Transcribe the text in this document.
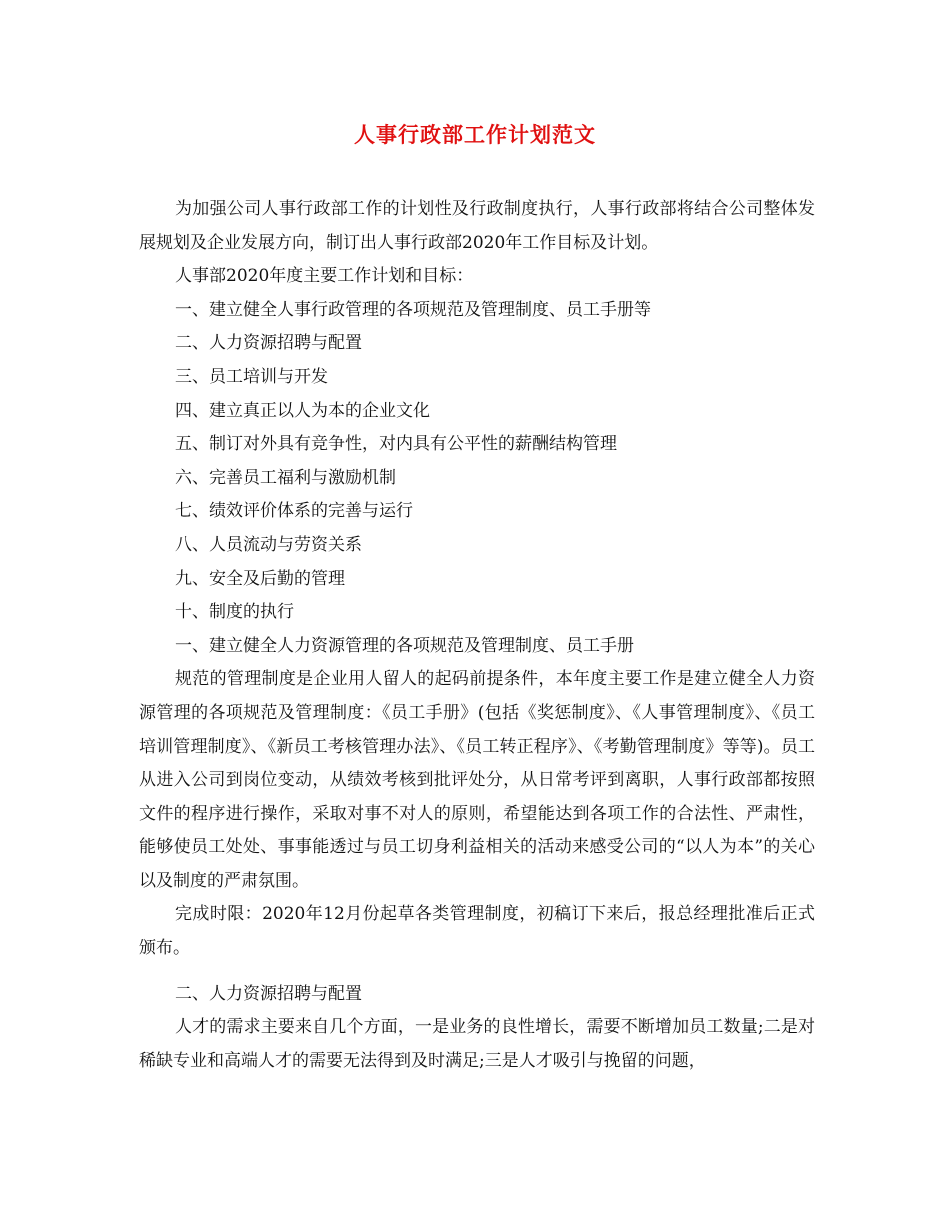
人事行政部工作计划范文

为加强公司人事行政部工作的计划性及行政制度执行，人事行政部将结合公司整体发展规划及企业发展方向，制订出人事行政部2020年工作目标及计划。

人事部2020年度主要工作计划和目标：

一、建立健全人事行政管理的各项规范及管理制度、员工手册等

二、人力资源招聘与配置

三、员工培训与开发

四、建立真正以人为本的企业文化

五、制订对外具有竞争性，对内具有公平性的薪酬结构管理

六、完善员工福利与激励机制

七、绩效评价体系的完善与运行

八、人员流动与劳资关系

九、安全及后勤的管理

十、制度的执行

一、建立健全人力资源管理的各项规范及管理制度、员工手册

规范的管理制度是企业用人留人的起码前提条件，本年度主要工作是建立健全人力资源管理的各项规范及管理制度：《员工手册》(包括《奖惩制度》、《人事管理制度》、《员工培训管理制度》、《新员工考核管理办法》、《员工转正程序》、《考勤管理制度》等等)。员工从进入公司到岗位变动，从绩效考核到批评处分，从日常考评到离职，人事行政部都按照文件的程序进行操作，采取对事不对人的原则，希望能达到各项工作的合法性、严肃性，能够使员工处处、事事能透过与员工切身利益相关的活动来感受公司的“以人为本”的关心以及制度的严肃氛围。

完成时限：2020年12月份起草各类管理制度，初稿订下来后，报总经理批准后正式颁布。

二、人力资源招聘与配置

人才的需求主要来自几个方面，一是业务的良性增长，需要不断增加员工数量;二是对稀缺专业和高端人才的需要无法得到及时满足;三是人才吸引与挽留的问题，
